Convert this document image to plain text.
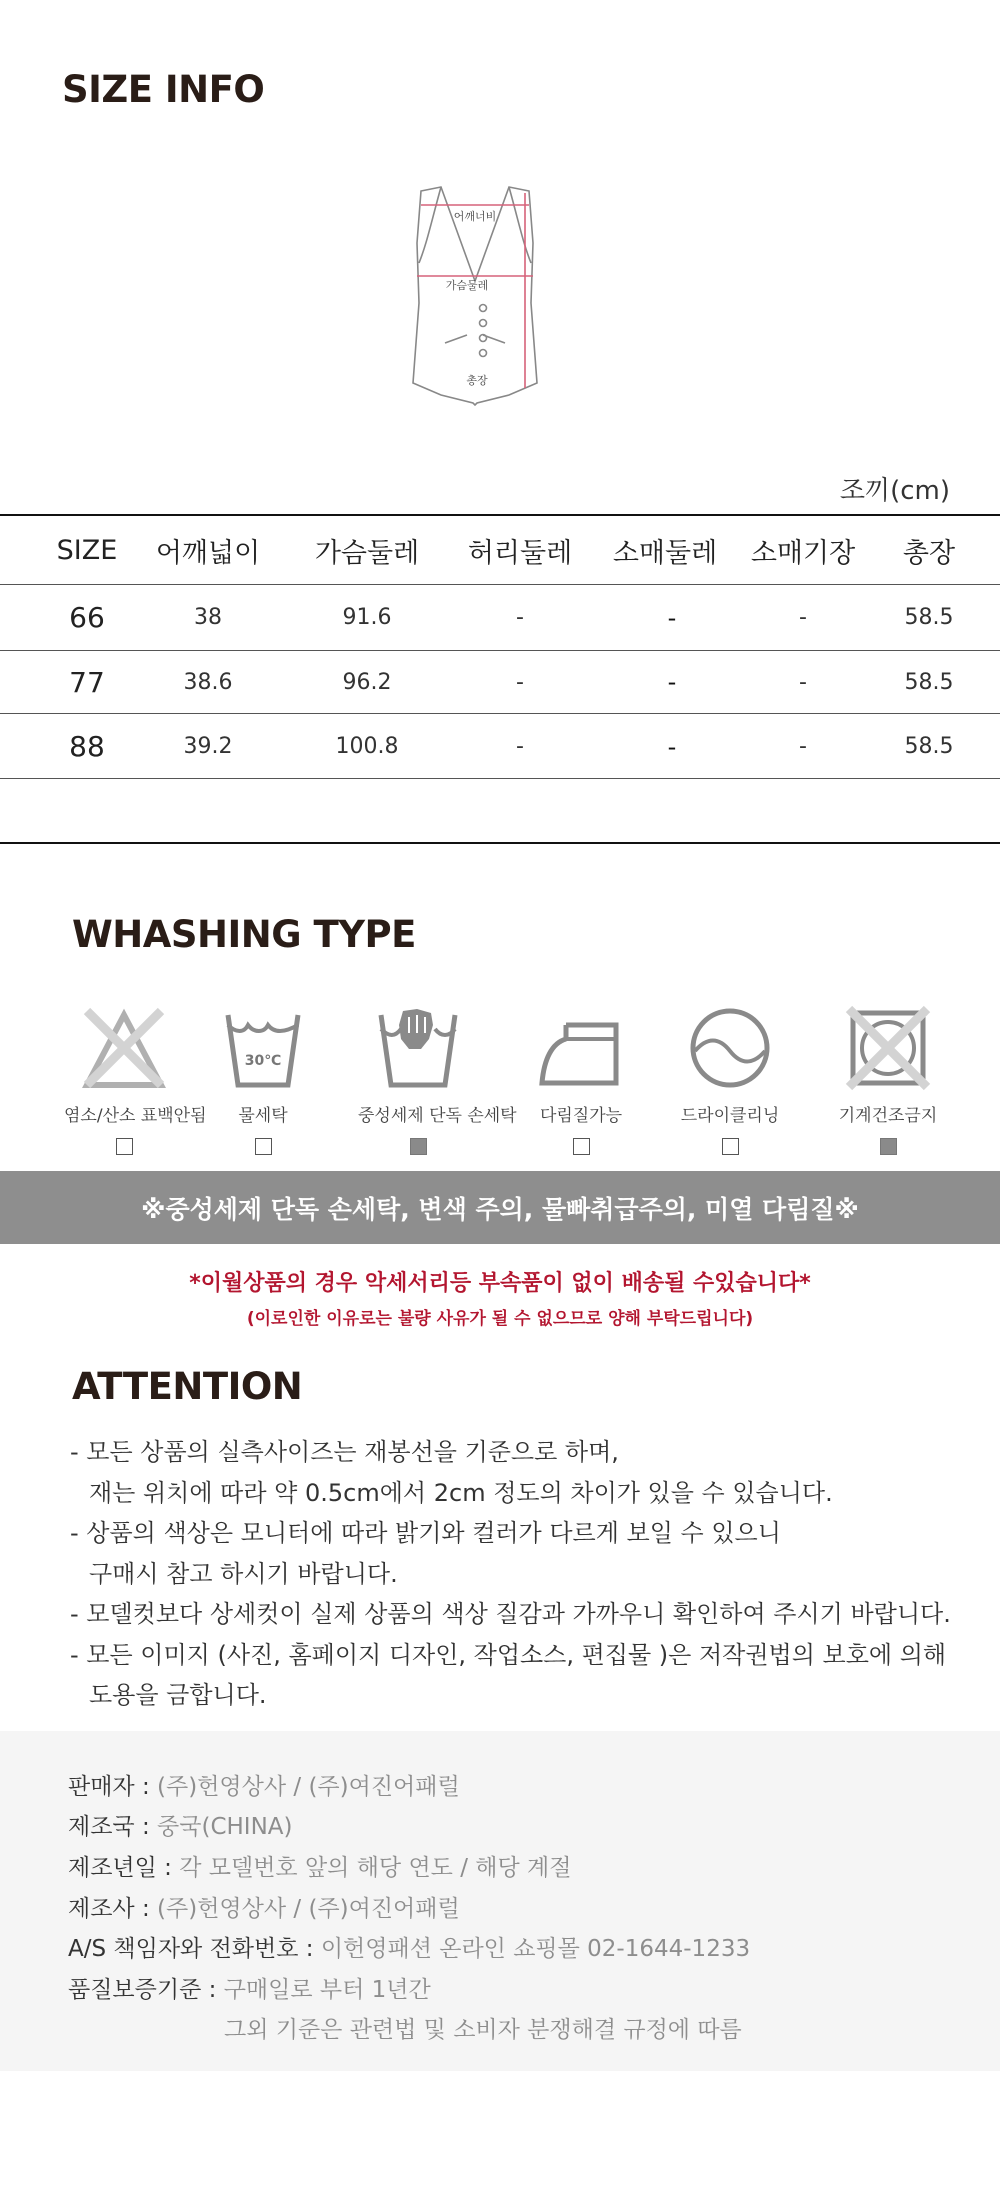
SIZE INFO
어깨너비
가슴둘레
총장
조끼(cm)
SIZE 어깨넓이 가슴둘레 허리둘레 소매둘레 소매기장 총장
66	38	91.6	-	-	-	58.5
77	38.6	96.2	-	-	-	58.5
88	39.2	100.8	-	-	-	58.5
WHASHING TYPE
염소/산소 표백안됨
30℃
물세탁	중성세제 단독 손세탁	다림질가능	드라이클리닝	기계건조금지
※중성세제 단독 손세탁, 변색 주의, 물빠취급주의, 미열 다림질※
*이월상품의 경우 악세서리등 부속품이 없이 배송될 수있습니다*
(이로인한 이유로는 불량 사유가 될 수 없으므로 양해 부탁드립니다)
ATTENTION
- 모든 상품의 실측사이즈는 재봉선을 기준으로 하며,
재는 위치에 따라 약 0.5cm에서 2cm 정도의 차이가 있을 수 있습니다.
- 상품의 색상은 모니터에 따라 밝기와 컬러가 다르게 보일 수 있으니
구매시 참고 하시기 바랍니다.
- 모델컷보다 상세컷이 실제 상품의 색상 질감과 가까우니 확인하여 주시기 바랍니다.
- 모든 이미지 (사진, 홈페이지 디자인, 작업소스, 편집물 )은 저작권법의 보호에 의해
도용을 금합니다.
판매자 : (주)헌영상사 / (주)여진어패럴
제조국 : 중국(CHINA)
제조년일 : 각 모델번호 앞의 해당 연도 / 해당 계절
제조사 : (주)헌영상사 / (주)여진어패럴
A/S 책임자와 전화번호 : 이헌영패션 온라인 쇼핑몰 02-1644-1233
품질보증기준 : 구매일로 부터 1년간
그외 기준은 관련법 및 소비자 분쟁해결 규정에 따름
